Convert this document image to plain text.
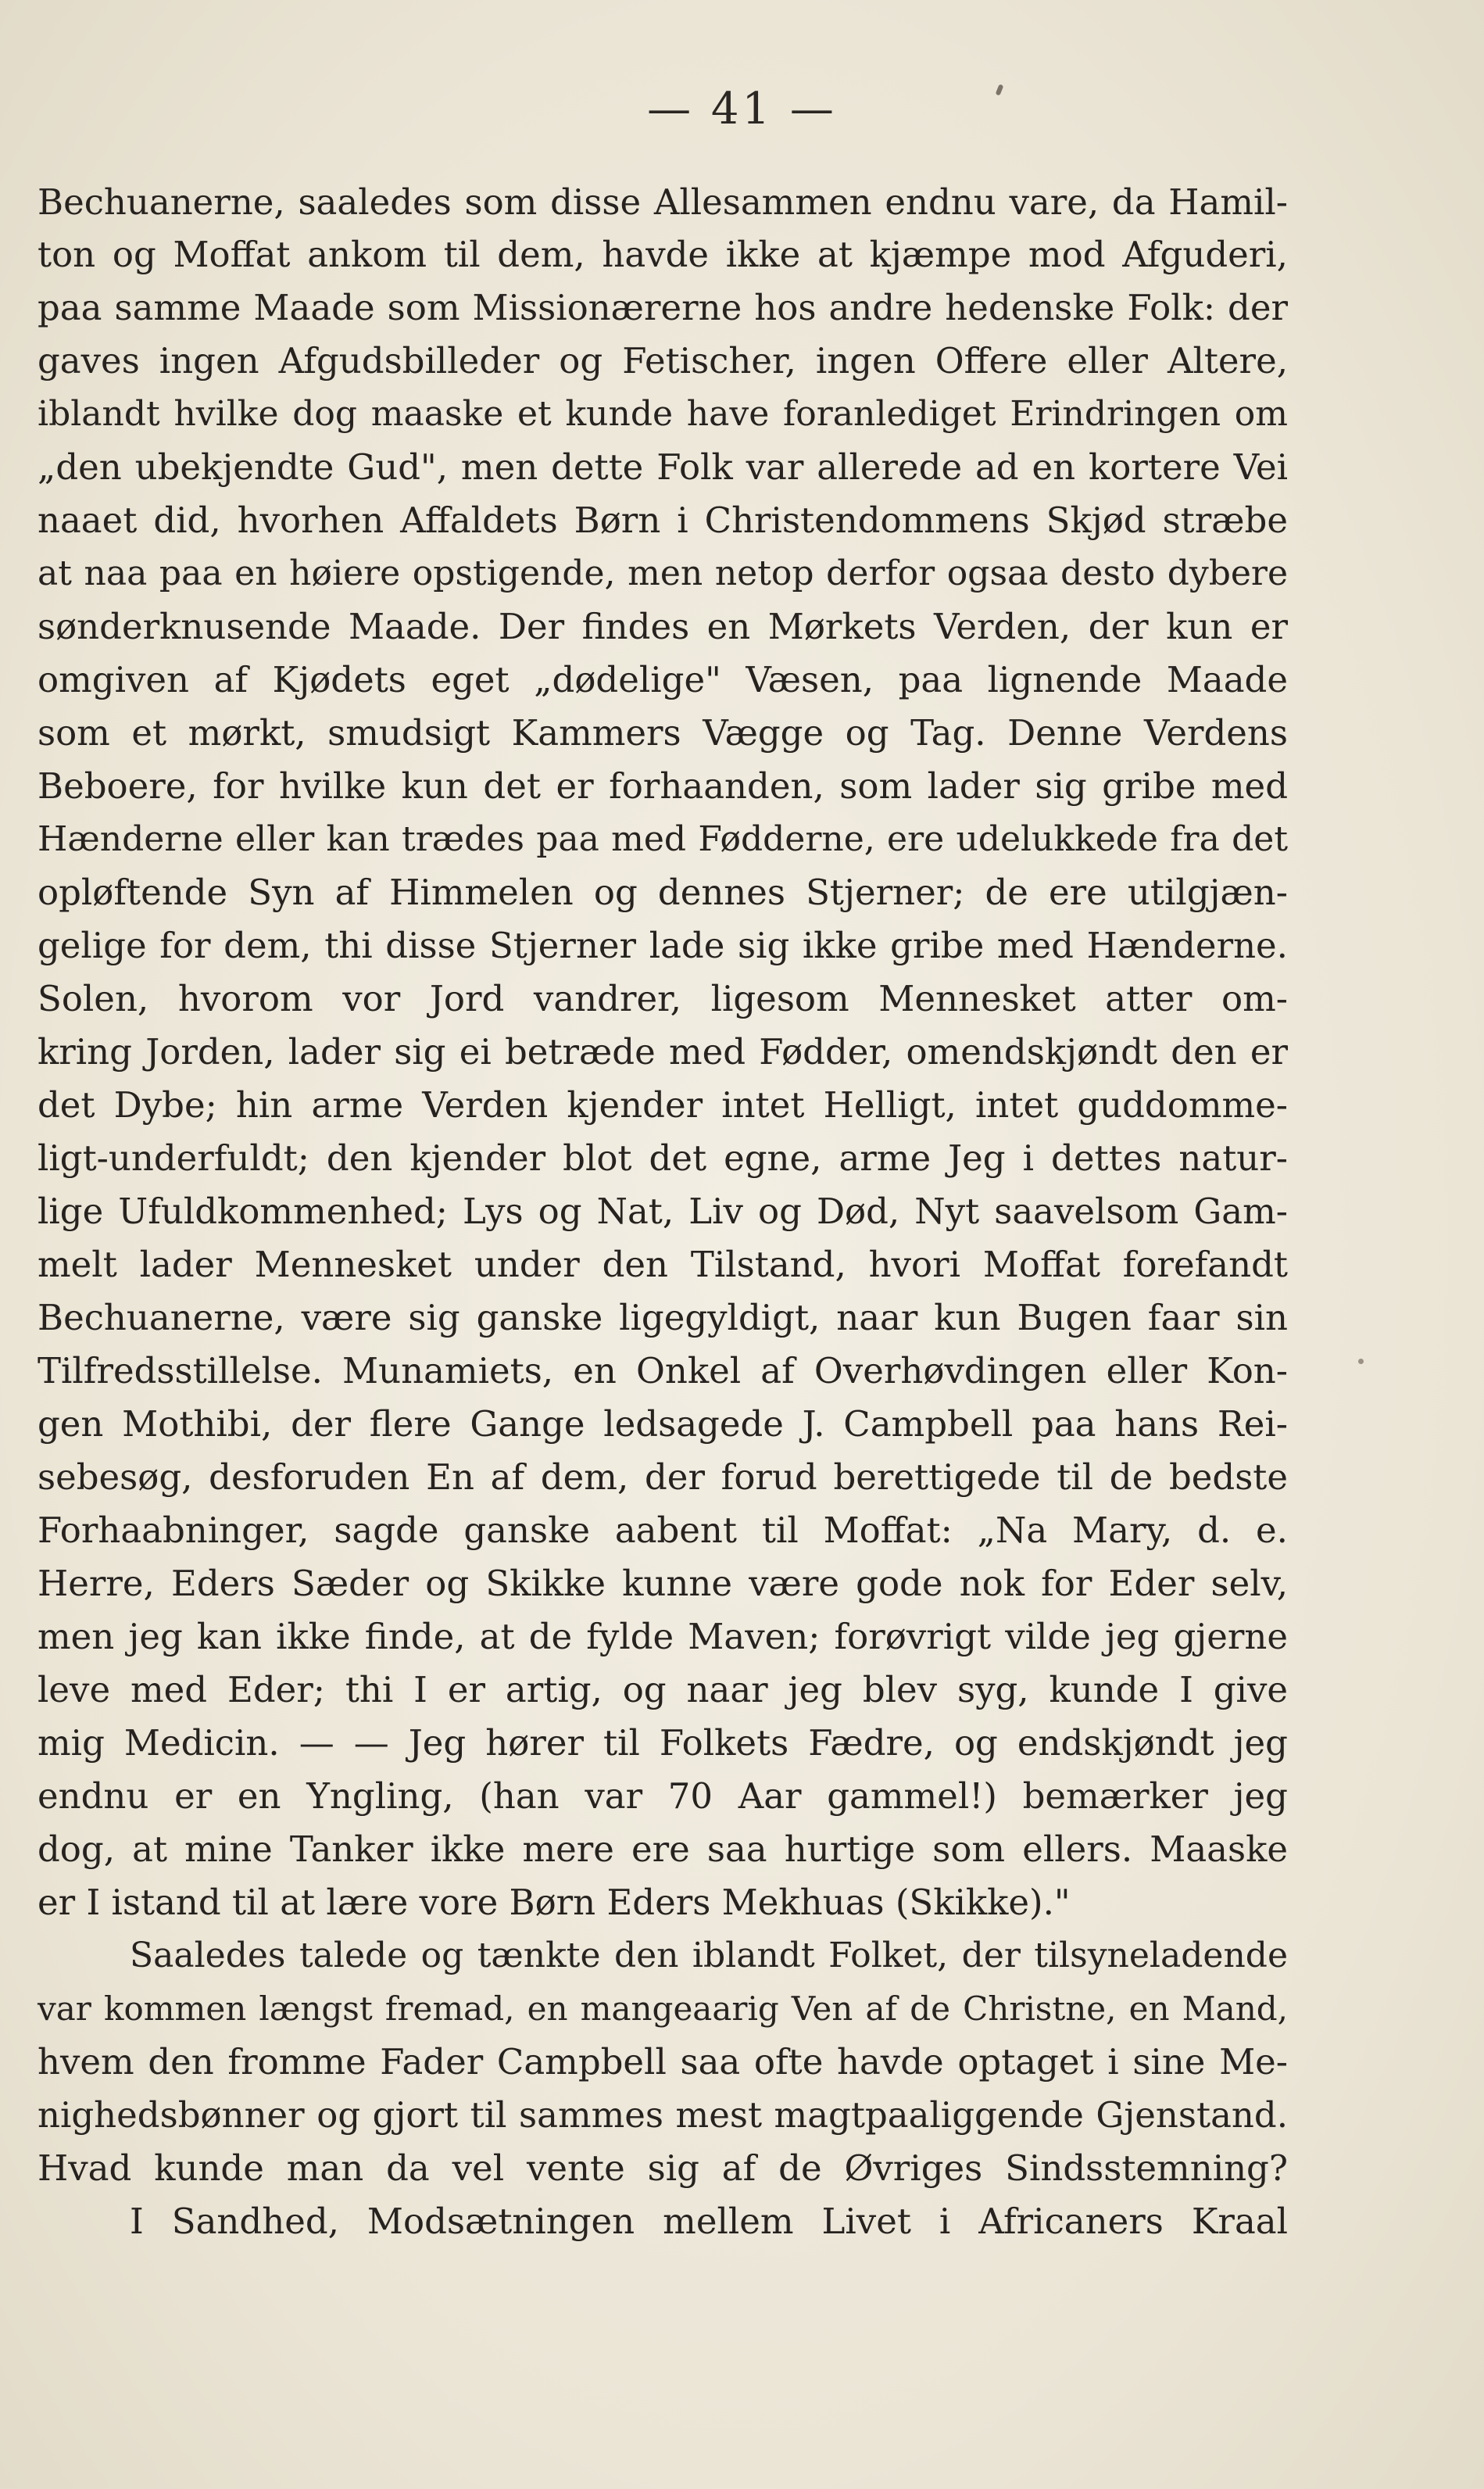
— 41 —
Bechuanerne, saaledes som disse Allesammen endnu vare, da Hamil-
ton og Moffat ankom til dem, havde ikke at kjæmpe mod Afguderi,
paa samme Maade som Missionærerne hos andre hedenske Folk: der
gaves ingen Afgudsbilleder og Fetischer, ingen Offere eller Altere,
iblandt hvilke dog maaske et kunde have foranlediget Erindringen om
„den ubekjendte Gud", men dette Folk var allerede ad en kortere Vei
naaet did, hvorhen Affaldets Børn i Christendommens Skjød stræbe
at naa paa en høiere opstigende, men netop derfor ogsaa desto dybere
sønderknusende Maade. Der findes en Mørkets Verden, der kun er
omgiven af Kjødets eget „dødelige" Væsen, paa lignende Maade
som et mørkt, smudsigt Kammers Vægge og Tag. Denne Verdens
Beboere, for hvilke kun det er forhaanden, som lader sig gribe med
Hænderne eller kan trædes paa med Fødderne, ere udelukkede fra det
opløftende Syn af Himmelen og dennes Stjerner; de ere utilgjæn-
gelige for dem, thi disse Stjerner lade sig ikke gribe med Hænderne.
Solen, hvorom vor Jord vandrer, ligesom Mennesket atter om-
kring Jorden, lader sig ei betræde med Fødder, omendskjøndt den er
det Dybe; hin arme Verden kjender intet Helligt, intet guddomme-
ligt-underfuldt; den kjender blot det egne, arme Jeg i dettes natur-
lige Ufuldkommenhed; Lys og Nat, Liv og Død, Nyt saavelsom Gam-
melt lader Mennesket under den Tilstand, hvori Moffat forefandt
Bechuanerne, være sig ganske ligegyldigt, naar kun Bugen faar sin
Tilfredsstillelse. Munamiets, en Onkel af Overhøvdingen eller Kon-
gen Mothibi, der flere Gange ledsagede J. Campbell paa hans Rei-
sebesøg, desforuden En af dem, der forud berettigede til de bedste
Forhaabninger, sagde ganske aabent til Moffat: „Na Mary, d. e.
Herre, Eders Sæder og Skikke kunne være gode nok for Eder selv,
men jeg kan ikke finde, at de fylde Maven; forøvrigt vilde jeg gjerne
leve med Eder; thi I er artig, og naar jeg blev syg, kunde I give
mig Medicin. — — Jeg hører til Folkets Fædre, og endskjøndt jeg
endnu er en Yngling, (han var 70 Aar gammel!) bemærker jeg
dog, at mine Tanker ikke mere ere saa hurtige som ellers. Maaske
er I istand til at lære vore Børn Eders Mekhuas (Skikke)."
Saaledes talede og tænkte den iblandt Folket, der tilsyneladende
var kommen længst fremad, en mangeaarig Ven af de Christne, en Mand,
hvem den fromme Fader Campbell saa ofte havde optaget i sine Me-
nighedsbønner og gjort til sammes mest magtpaaliggende Gjenstand.
Hvad kunde man da vel vente sig af de Øvriges Sindsstemning?
I Sandhed, Modsætningen mellem Livet i Africaners Kraal
